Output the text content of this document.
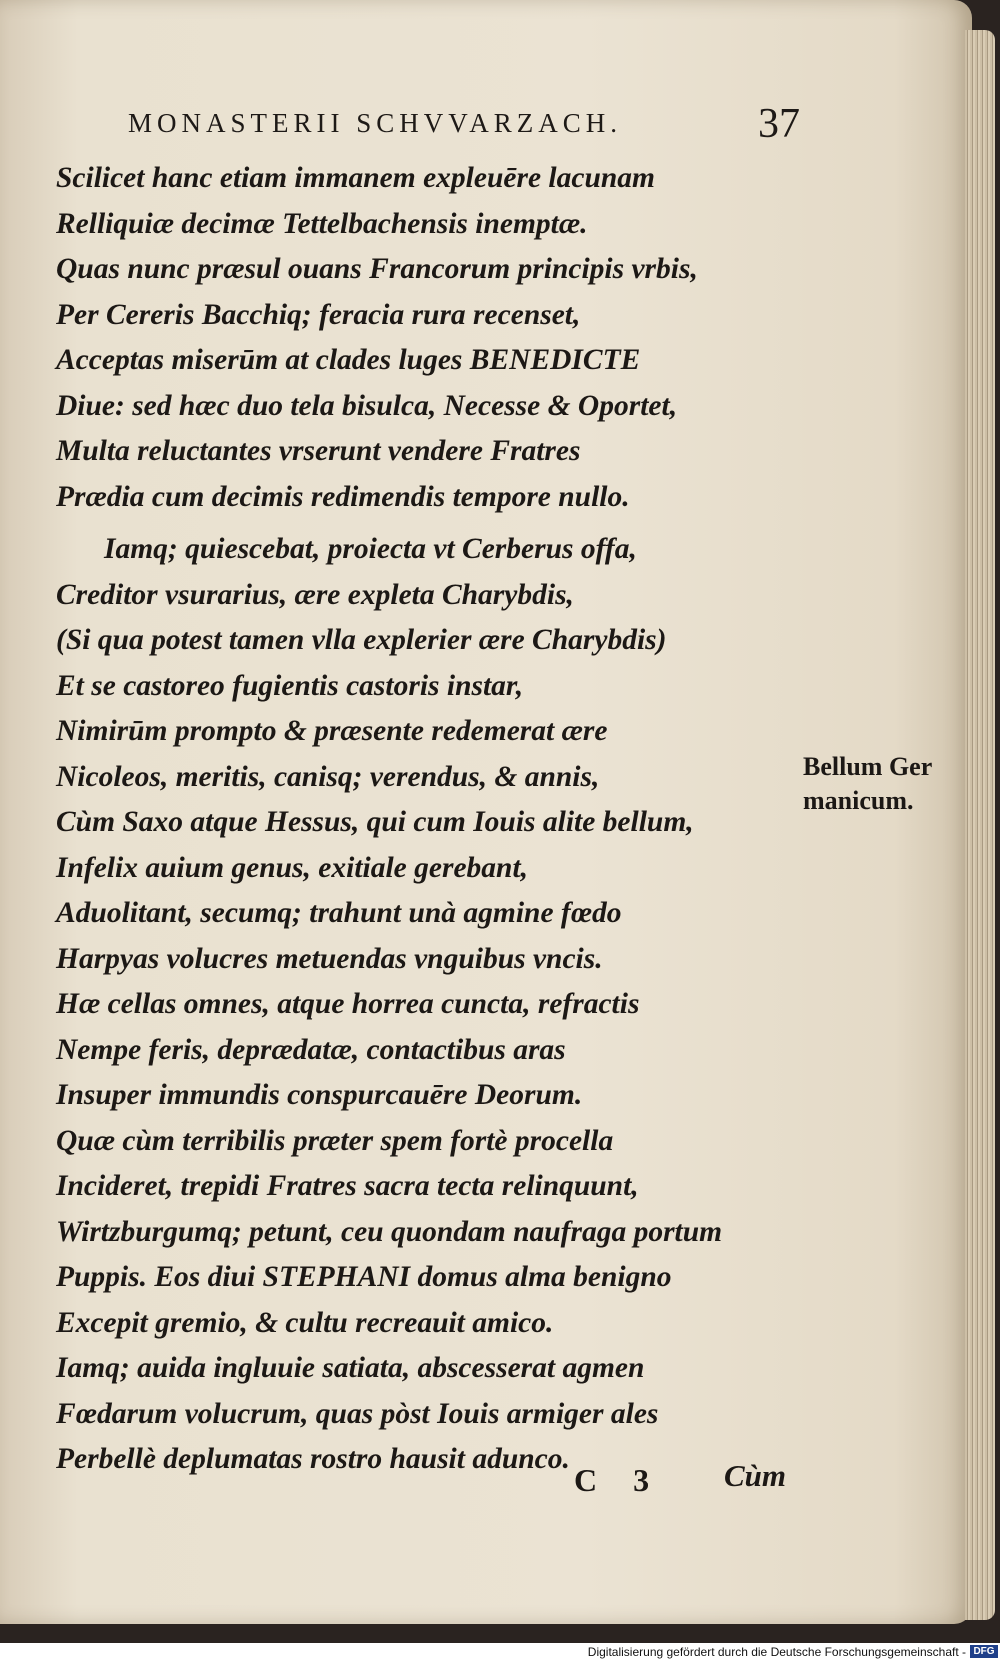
MONASTERII SCHVVARZACH.	37
Scilicet hanc etiam immanem expleuēre lacunam
Relliquiæ decimæ Tettelbachensis inemptæ.
Quas nunc præsul ouans Francorum principis vrbis,
Per Cereris Bacchiq; feracia rura recenset,
Acceptas miserūm at clades luges BENEDICTE
Diue: sed hæc duo tela bisulca, Necesse & Oportet,
Multa reluctantes vrserunt vendere Fratres
Prædia cum decimis redimendis tempore nullo.
Iamq; quiescebat, proiecta vt Cerberus offa,
Creditor vsurarius, ære expleta Charybdis,
(Si qua potest tamen vlla explerier ære Charybdis)
Et se castoreo fugientis castoris instar,
Nimirūm prompto & præsente redemerat ære
Nicoleos, meritis, canisq; verendus, & annis,
Cùm Saxo atque Hessus, qui cum Iouis alite bellum,
Infelix auium genus, exitiale gerebant,
Aduolitant, secumq; trahunt unà agmine fœdo
Harpyas volucres metuendas vnguibus vncis.
Hæ cellas omnes, atque horrea cuncta, refractis
Nempe feris, deprædatæ, contactibus aras
Insuper immundis conspurcauēre Deorum.
Quæ cùm terribilis præter spem fortè procella
Incideret, trepidi Fratres sacra tecta relinquunt,
Wirtzburgumq; petunt, ceu quondam naufraga portum
Puppis. Eos diui STEPHANI domus alma benigno
Excepit gremio, & cultu recreauit amico.
Iamq; auida ingluuie satiata, abscesserat agmen
Fœdarum volucrum, quas pòst Iouis armiger ales
Perbellè deplumatas rostro hausit adunco.
Bellum Ger
manicum.
C 3 Cùm
Digitalisierung gefördert durch die Deutsche Forschungsgemeinschaft - DFG
